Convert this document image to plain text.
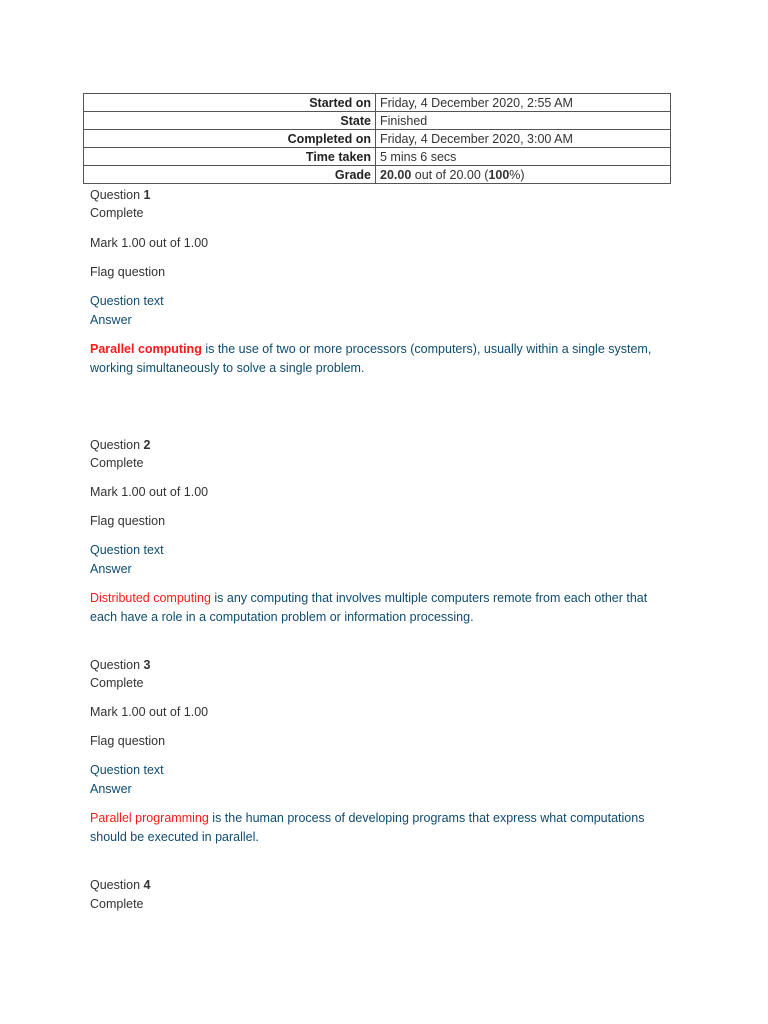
Started on	Friday, 4 December 2020, 2:55 AM
State	Finished
Completed on	Friday, 4 December 2020, 3:00 AM
Time taken	5 mins 6 secs
Grade	20.00 out of 20.00 (100%)
Question 1
Complete
Mark 1.00 out of 1.00
Flag question
Question text
Answer
Parallel computing is the use of two or more processors (computers), usually within a single system,
working simultaneously to solve a single problem.
Question 2
Complete
Mark 1.00 out of 1.00
Flag question
Question text
Answer
Distributed computing is any computing that involves multiple computers remote from each other that
each have a role in a computation problem or information processing.
Question 3
Complete
Mark 1.00 out of 1.00
Flag question
Question text
Answer
Parallel programming is the human process of developing programs that express what computations
should be executed in parallel.
Question 4
Complete
